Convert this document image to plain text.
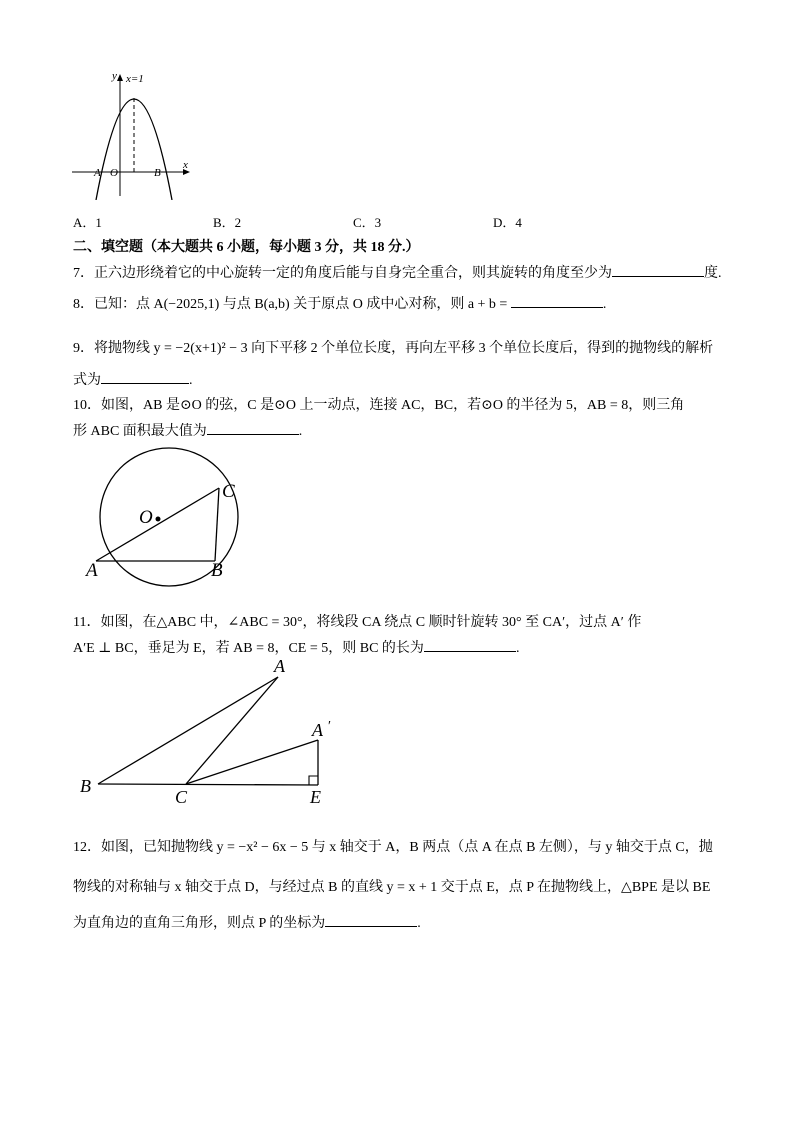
y x=1
x
A O	B
A．1	B．2	C．3	D．4
二、填空题（本大题共 6 小题，每小题 3 分，共 18 分.）
7．正六边形绕着它的中心旋转一定的角度后能与自身完全重合，则其旋转的角度至少为	度.
8．已知：点 A(−2025,1) 与点 B(a,b) 关于原点 O 成中心对称，则 a + b =	.
9．将抛物线 y = −2(x+1)² − 3 向下平移 2 个单位长度，再向左平移 3 个单位长度后，得到的抛物线的解析
式为	.
10．如图，AB 是⊙O 的弦，C 是⊙O 上一动点，连接 AC，BC，若⊙O 的半径为 5，AB = 8，则三角
形 ABC 面积最大值为	.
O
C
A	B
11．如图，在△ABC 中，∠ABC = 30°，将线段 CA 绕点 C 顺时针旋转 30° 至 CA′，过点 A′ 作
A′E ⊥ BC，垂足为 E，若 AB = 8，CE = 5，则 BC 的长为	.
A
A ′
B
C	E
12．如图，已知抛物线 y = −x² − 6x − 5 与 x 轴交于 A，B 两点（点 A 在点 B 左侧），与 y 轴交于点 C，抛
物线的对称轴与 x 轴交于点 D，与经过点 B 的直线 y = x + 1 交于点 E，点 P 在抛物线上，△BPE 是以 BE
为直角边的直角三角形，则点 P 的坐标为	.
